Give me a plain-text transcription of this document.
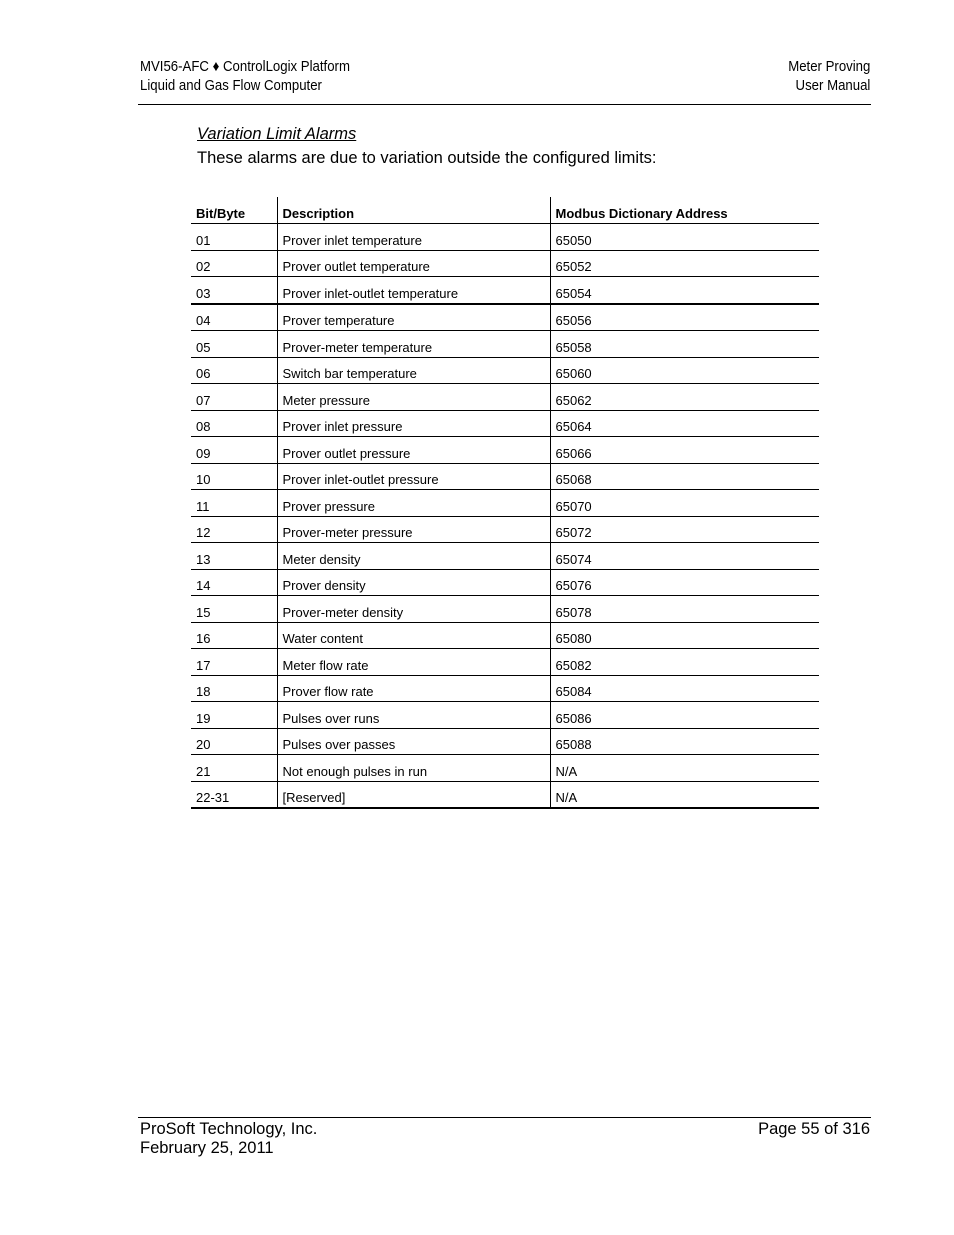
MVI56-AFC ♦ ControlLogix Platform
Liquid and Gas Flow Computer
Meter Proving
User Manual
Variation Limit Alarms
These alarms are due to variation outside the configured limits:
Bit/Byte	Description	Modbus Dictionary Address
01	Prover inlet temperature	65050
02	Prover outlet temperature	65052
03	Prover inlet-outlet temperature	65054
04	Prover temperature	65056
05	Prover-meter temperature	65058
06	Switch bar temperature	65060
07	Meter pressure	65062
08	Prover inlet pressure	65064
09	Prover outlet pressure	65066
10	Prover inlet-outlet pressure	65068
11	Prover pressure	65070
12	Prover-meter pressure	65072
13	Meter density	65074
14	Prover density	65076
15	Prover-meter density	65078
16	Water content	65080
17	Meter flow rate	65082
18	Prover flow rate	65084
19	Pulses over runs	65086
20	Pulses over passes	65088
21	Not enough pulses in run	N/A
22-31	[Reserved]	N/A
ProSoft Technology, Inc.
February 25, 2011
Page 55 of 316
